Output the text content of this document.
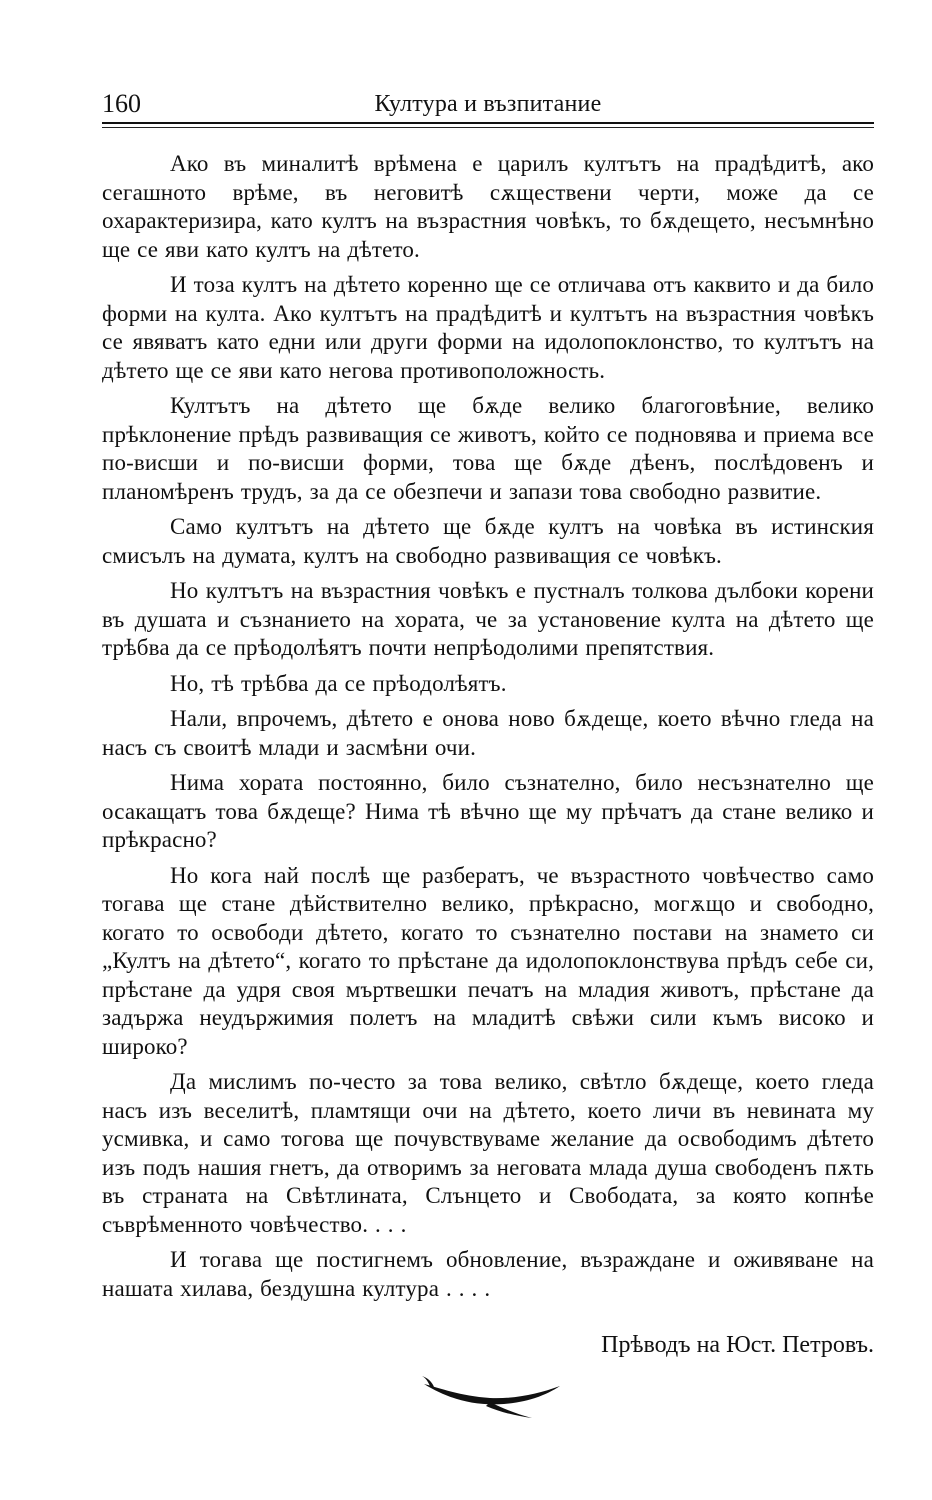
160	Култура и възпитание

Ако въ миналитѣ врѣмена е царилъ култътъ на прадѣдитѣ, ако сегашното врѣме, въ неговитѣ сѫществени черти, може да се охарактеризира, като култъ на възрастния човѣкъ, то бѫдещето, несъмнѣно ще се яви като култъ на дѣтето.

И тоза култъ на дѣтето коренно ще се отличава отъ каквито и да било форми на култа. Ако култътъ на прадѣдитѣ и култътъ на възрастния човѣкъ се явяватъ като едни или други форми на идолопоклонство, то култътъ на дѣтето ще се яви като негова противоположность.

Култътъ на дѣтето ще бѫде велико благоговѣние, велико прѣклонение прѣдъ развиващия се животъ, който се подновява и приема все по-висши и по-висши форми, това ще бѫде дѣенъ, послѣдовенъ и планомѣренъ трудъ, за да се обезпечи и запази това свободно развитие.

Само култътъ на дѣтето ще бѫде култъ на човѣка въ истинския смисълъ на думата, култъ на свободно развиващия се човѣкъ.

Но култътъ на възрастния човѣкъ е пустналъ толкова дълбоки корени въ душата и съзнанието на хората, че за установение култа на дѣтето ще трѣбва да се прѣодолѣятъ почти непрѣодолими препятствия.

Но, тѣ трѣбва да се прѣодолѣятъ.

Нали, впрочемъ, дѣтето е онова ново бѫдеще, което вѣчно гледа на насъ съ своитѣ млади и засмѣни очи.

Нима хората постоянно, било съзнателно, било несъзнателно ще осакащатъ това бѫдеще? Нима тѣ вѣчно ще му прѣчатъ да стане велико и прѣкрасно?

Но кога най послѣ ще разбератъ, че възрастното човѣчество само тогава ще стане дѣйствително велико, прѣкрасно, могѫщо и свободно, когато то освободи дѣтето, когато то съзнателно постави на знамето си „Култъ на дѣтето“, когато то прѣстане да идолопоклонствува прѣдъ себе си, прѣстане да удря своя мъртвешки печатъ на младия животъ, прѣстане да задържа неудържимия полетъ на младитѣ свѣжи сили къмъ високо и широко?

Да мислимъ по-често за това велико, свѣтло бѫдеще, което гледа насъ изъ веселитѣ, пламтящи очи на дѣтето, което личи въ невината му усмивка, и само тогова ще почувствуваме желание да освободимъ дѣтето изъ подъ нашия гнетъ, да отворимъ за неговата млада душа свободенъ пѫть въ страната на Свѣтлината, Слънцето и Свободата, за която копнѣе съврѣменното човѣчество. . . .

И тогава ще постигнемъ обновление, възраждане и оживяване на нашата хилава, бездушна култура . . . .

Прѣводъ на Юст. Петровъ.
